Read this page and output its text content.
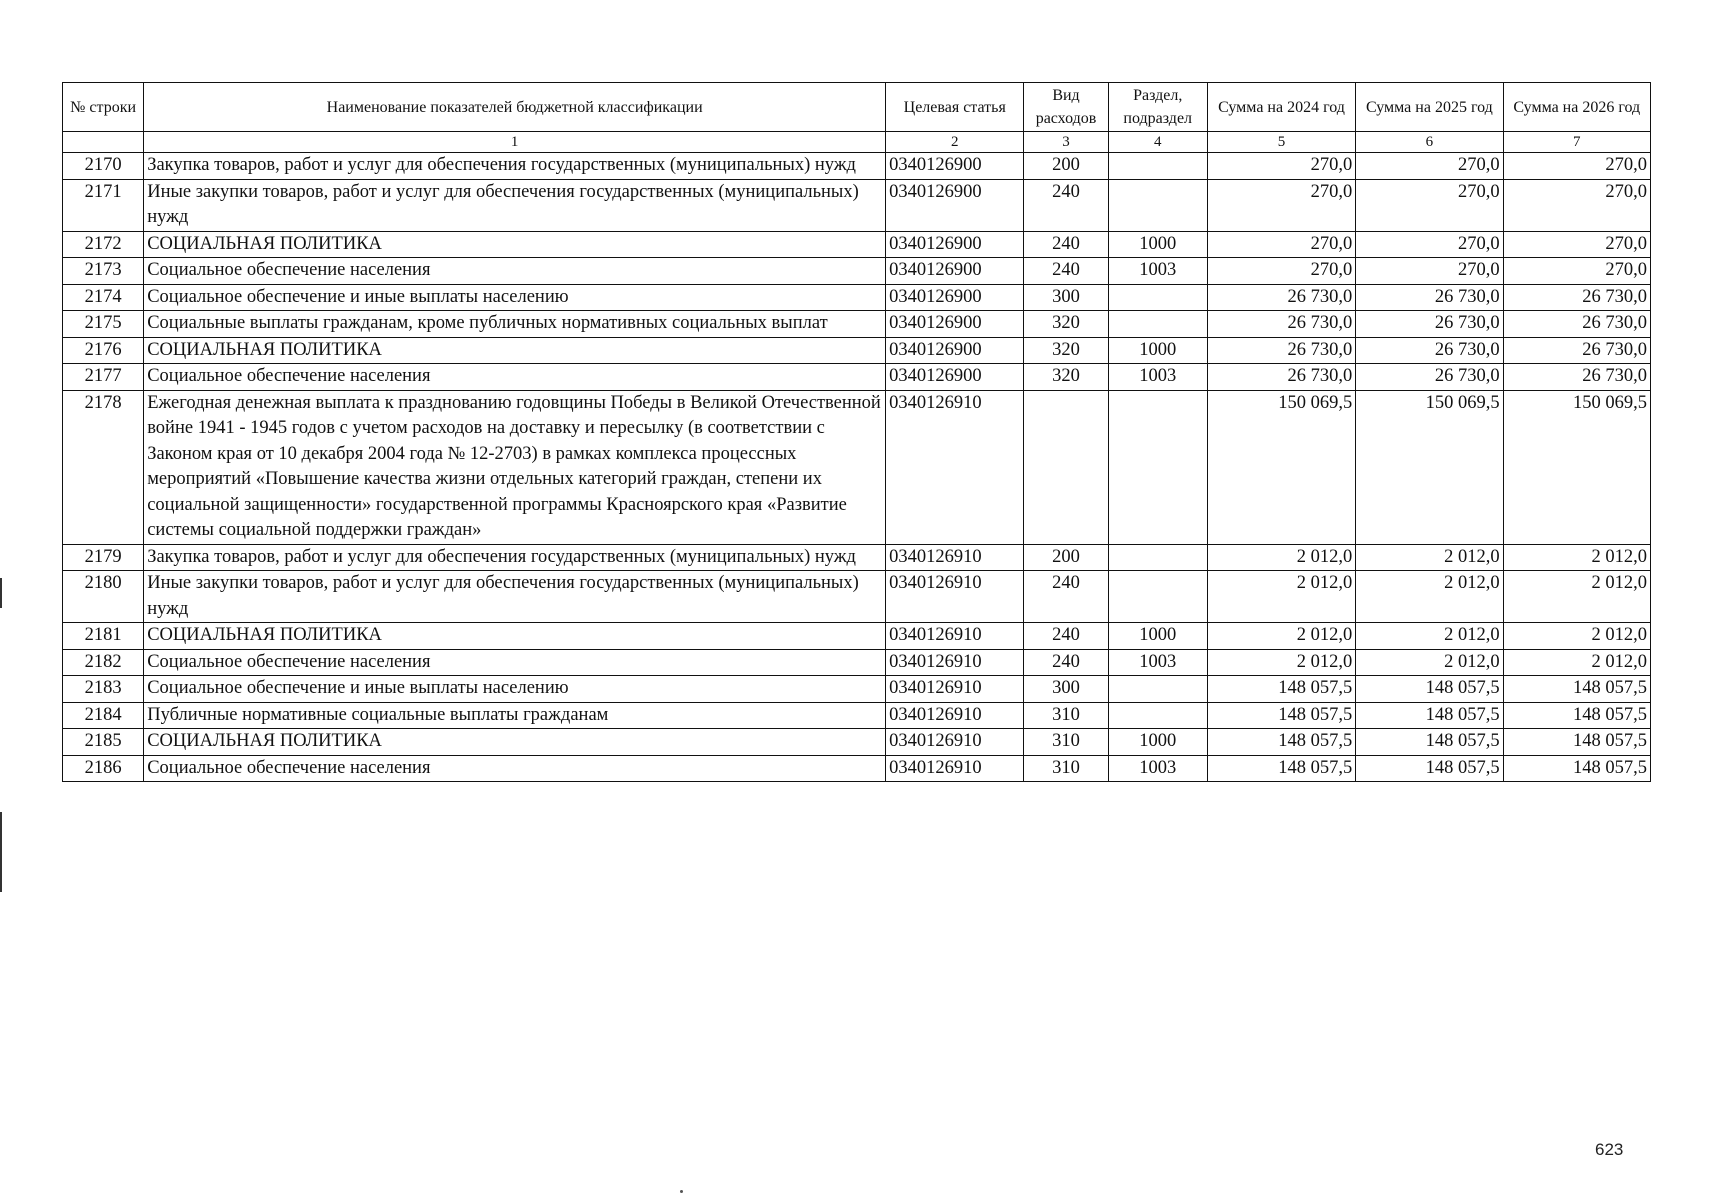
№ строки	Наименование показателей бюджетной классификации	Целевая статья	Вид расходов	Раздел, подраздел	Сумма на 2024 год	Сумма на 2025 год	Сумма на 2026 год
	1	2	3	4	5	6	7
2170	Закупка товаров, работ и услуг для обеспечения государственных (муниципальных) нужд	0340126900	200		270,0	270,0	270,0
2171	Иные закупки товаров, работ и услуг для обеспечения государственных (муниципальных) нужд	0340126900	240		270,0	270,0	270,0
2172	СОЦИАЛЬНАЯ ПОЛИТИКА	0340126900	240	1000	270,0	270,0	270,0
2173	Социальное обеспечение населения	0340126900	240	1003	270,0	270,0	270,0
2174	Социальное обеспечение и иные выплаты населению	0340126900	300		26 730,0	26 730,0	26 730,0
2175	Социальные выплаты гражданам, кроме публичных нормативных социальных выплат	0340126900	320		26 730,0	26 730,0	26 730,0
2176	СОЦИАЛЬНАЯ ПОЛИТИКА	0340126900	320	1000	26 730,0	26 730,0	26 730,0
2177	Социальное обеспечение населения	0340126900	320	1003	26 730,0	26 730,0	26 730,0
2178	Ежегодная денежная выплата к празднованию годовщины Победы в Великой Отечественной войне 1941 - 1945 годов с учетом расходов на доставку и пересылку (в соответствии с Законом края от 10 декабря 2004 года № 12-2703) в рамках комплекса процессных мероприятий «Повышение качества жизни отдельных категорий граждан, степени их социальной защищенности» государственной программы Красноярского края «Развитие системы социальной поддержки граждан»	0340126910			150 069,5	150 069,5	150 069,5
2179	Закупка товаров, работ и услуг для обеспечения государственных (муниципальных) нужд	0340126910	200		2 012,0	2 012,0	2 012,0
2180	Иные закупки товаров, работ и услуг для обеспечения государственных (муниципальных) нужд	0340126910	240		2 012,0	2 012,0	2 012,0
2181	СОЦИАЛЬНАЯ ПОЛИТИКА	0340126910	240	1000	2 012,0	2 012,0	2 012,0
2182	Социальное обеспечение населения	0340126910	240	1003	2 012,0	2 012,0	2 012,0
2183	Социальное обеспечение и иные выплаты населению	0340126910	300		148 057,5	148 057,5	148 057,5
2184	Публичные нормативные социальные выплаты гражданам	0340126910	310		148 057,5	148 057,5	148 057,5
2185	СОЦИАЛЬНАЯ ПОЛИТИКА	0340126910	310	1000	148 057,5	148 057,5	148 057,5
2186	Социальное обеспечение населения	0340126910	310	1003	148 057,5	148 057,5	148 057,5
623
